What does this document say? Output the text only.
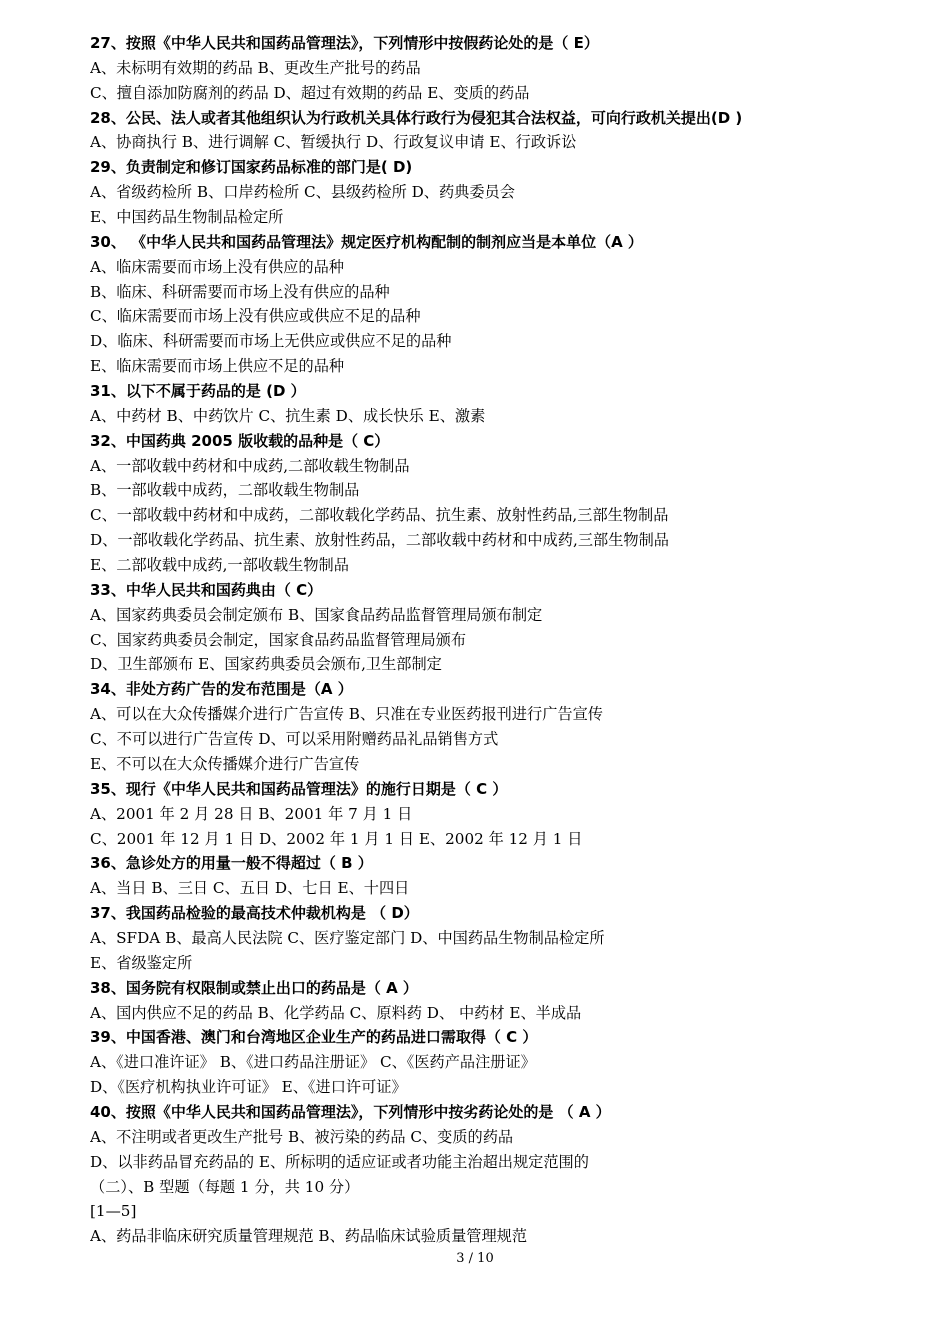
27、按照《中华人民共和国药品管理法》，下列情形中按假药论处的是（ E）
A、未标明有效期的药品 B、更改生产批号的药品
C、擅自添加防腐剂的药品 D、超过有效期的药品 E、变质的药品
28、公民、法人或者其他组织认为行政机关具体行政行为侵犯其合法权益，可向行政机关提出(D )
A、协商执行 B、进行调解 C、暂缓执行 D、行政复议申请 E、行政诉讼
29、负责制定和修订国家药品标准的部门是( D)
A、省级药检所 B、口岸药检所 C、县级药检所 D、药典委员会
E、中国药品生物制品检定所
30、 《中华人民共和国药品管理法》规定医疗机构配制的制剂应当是本单位（A ）
A、临床需要而市场上没有供应的品种
B、临床、科研需要而市场上没有供应的品种
C、临床需要而市场上没有供应或供应不足的品种
D、临床、科研需要而市场上无供应或供应不足的品种
E、临床需要而市场上供应不足的品种
31、以下不属于药品的是 (D ）
A、中药材 B、中药饮片 C、抗生素 D、成长快乐 E、激素
32、中国药典 2005 版收载的品种是（ C）
A、一部收载中药材和中成药,二部收载生物制品
B、一部收载中成药，二部收载生物制品
C、一部收载中药材和中成药，二部收载化学药品、抗生素、放射性药品,三部生物制品
D、一部收载化学药品、抗生素、放射性药品，二部收载中药材和中成药,三部生物制品
E、二部收载中成药,一部收载生物制品
33、中华人民共和国药典由（ C）
A、国家药典委员会制定颁布 B、国家食品药品监督管理局颁布制定
C、国家药典委员会制定，国家食品药品监督管理局颁布
D、卫生部颁布 E、国家药典委员会颁布,卫生部制定
34、非处方药广告的发布范围是（A ）
A、可以在大众传播媒介进行广告宣传 B、只准在专业医药报刊进行广告宣传
C、不可以进行广告宣传 D、可以采用附赠药品礼品销售方式
E、不可以在大众传播媒介进行广告宣传
35、现行《中华人民共和国药品管理法》的施行日期是（ C ）
A、2001 年 2 月 28 日 B、2001 年 7 月 1 日
C、2001 年 12 月 1 日 D、2002 年 1 月 1 日 E、2002 年 12 月 1 日
36、急诊处方的用量一般不得超过（ B ）
A、当日 B、三日 C、五日 D、七日 E、十四日
37、我国药品检验的最高技术仲裁机构是 （ D）
A、SFDA B、最高人民法院 C、医疗鉴定部门 D、中国药品生物制品检定所
E、省级鉴定所
38、国务院有权限制或禁止出口的药品是（ A ）
A、国内供应不足的药品 B、化学药品 C、原料药 D、 中药材 E、半成品
39、中国香港、澳门和台湾地区企业生产的药品进口需取得（ C ）
A、《进口准许证》 B、《进口药品注册证》 C、《医药产品注册证》
D、《医疗机构执业许可证》 E、《进口许可证》
40、按照《中华人民共和国药品管理法》，下列情形中按劣药论处的是 （ A ）
A、不注明或者更改生产批号 B、被污染的药品 C、变质的药品
D、以非药品冒充药品的 E、所标明的适应证或者功能主治超出规定范围的
（二）、B 型题（每题 1 分，共 10 分）
[1—5]
A、药品非临床研究质量管理规范 B、药品临床试验质量管理规范
3 / 10
